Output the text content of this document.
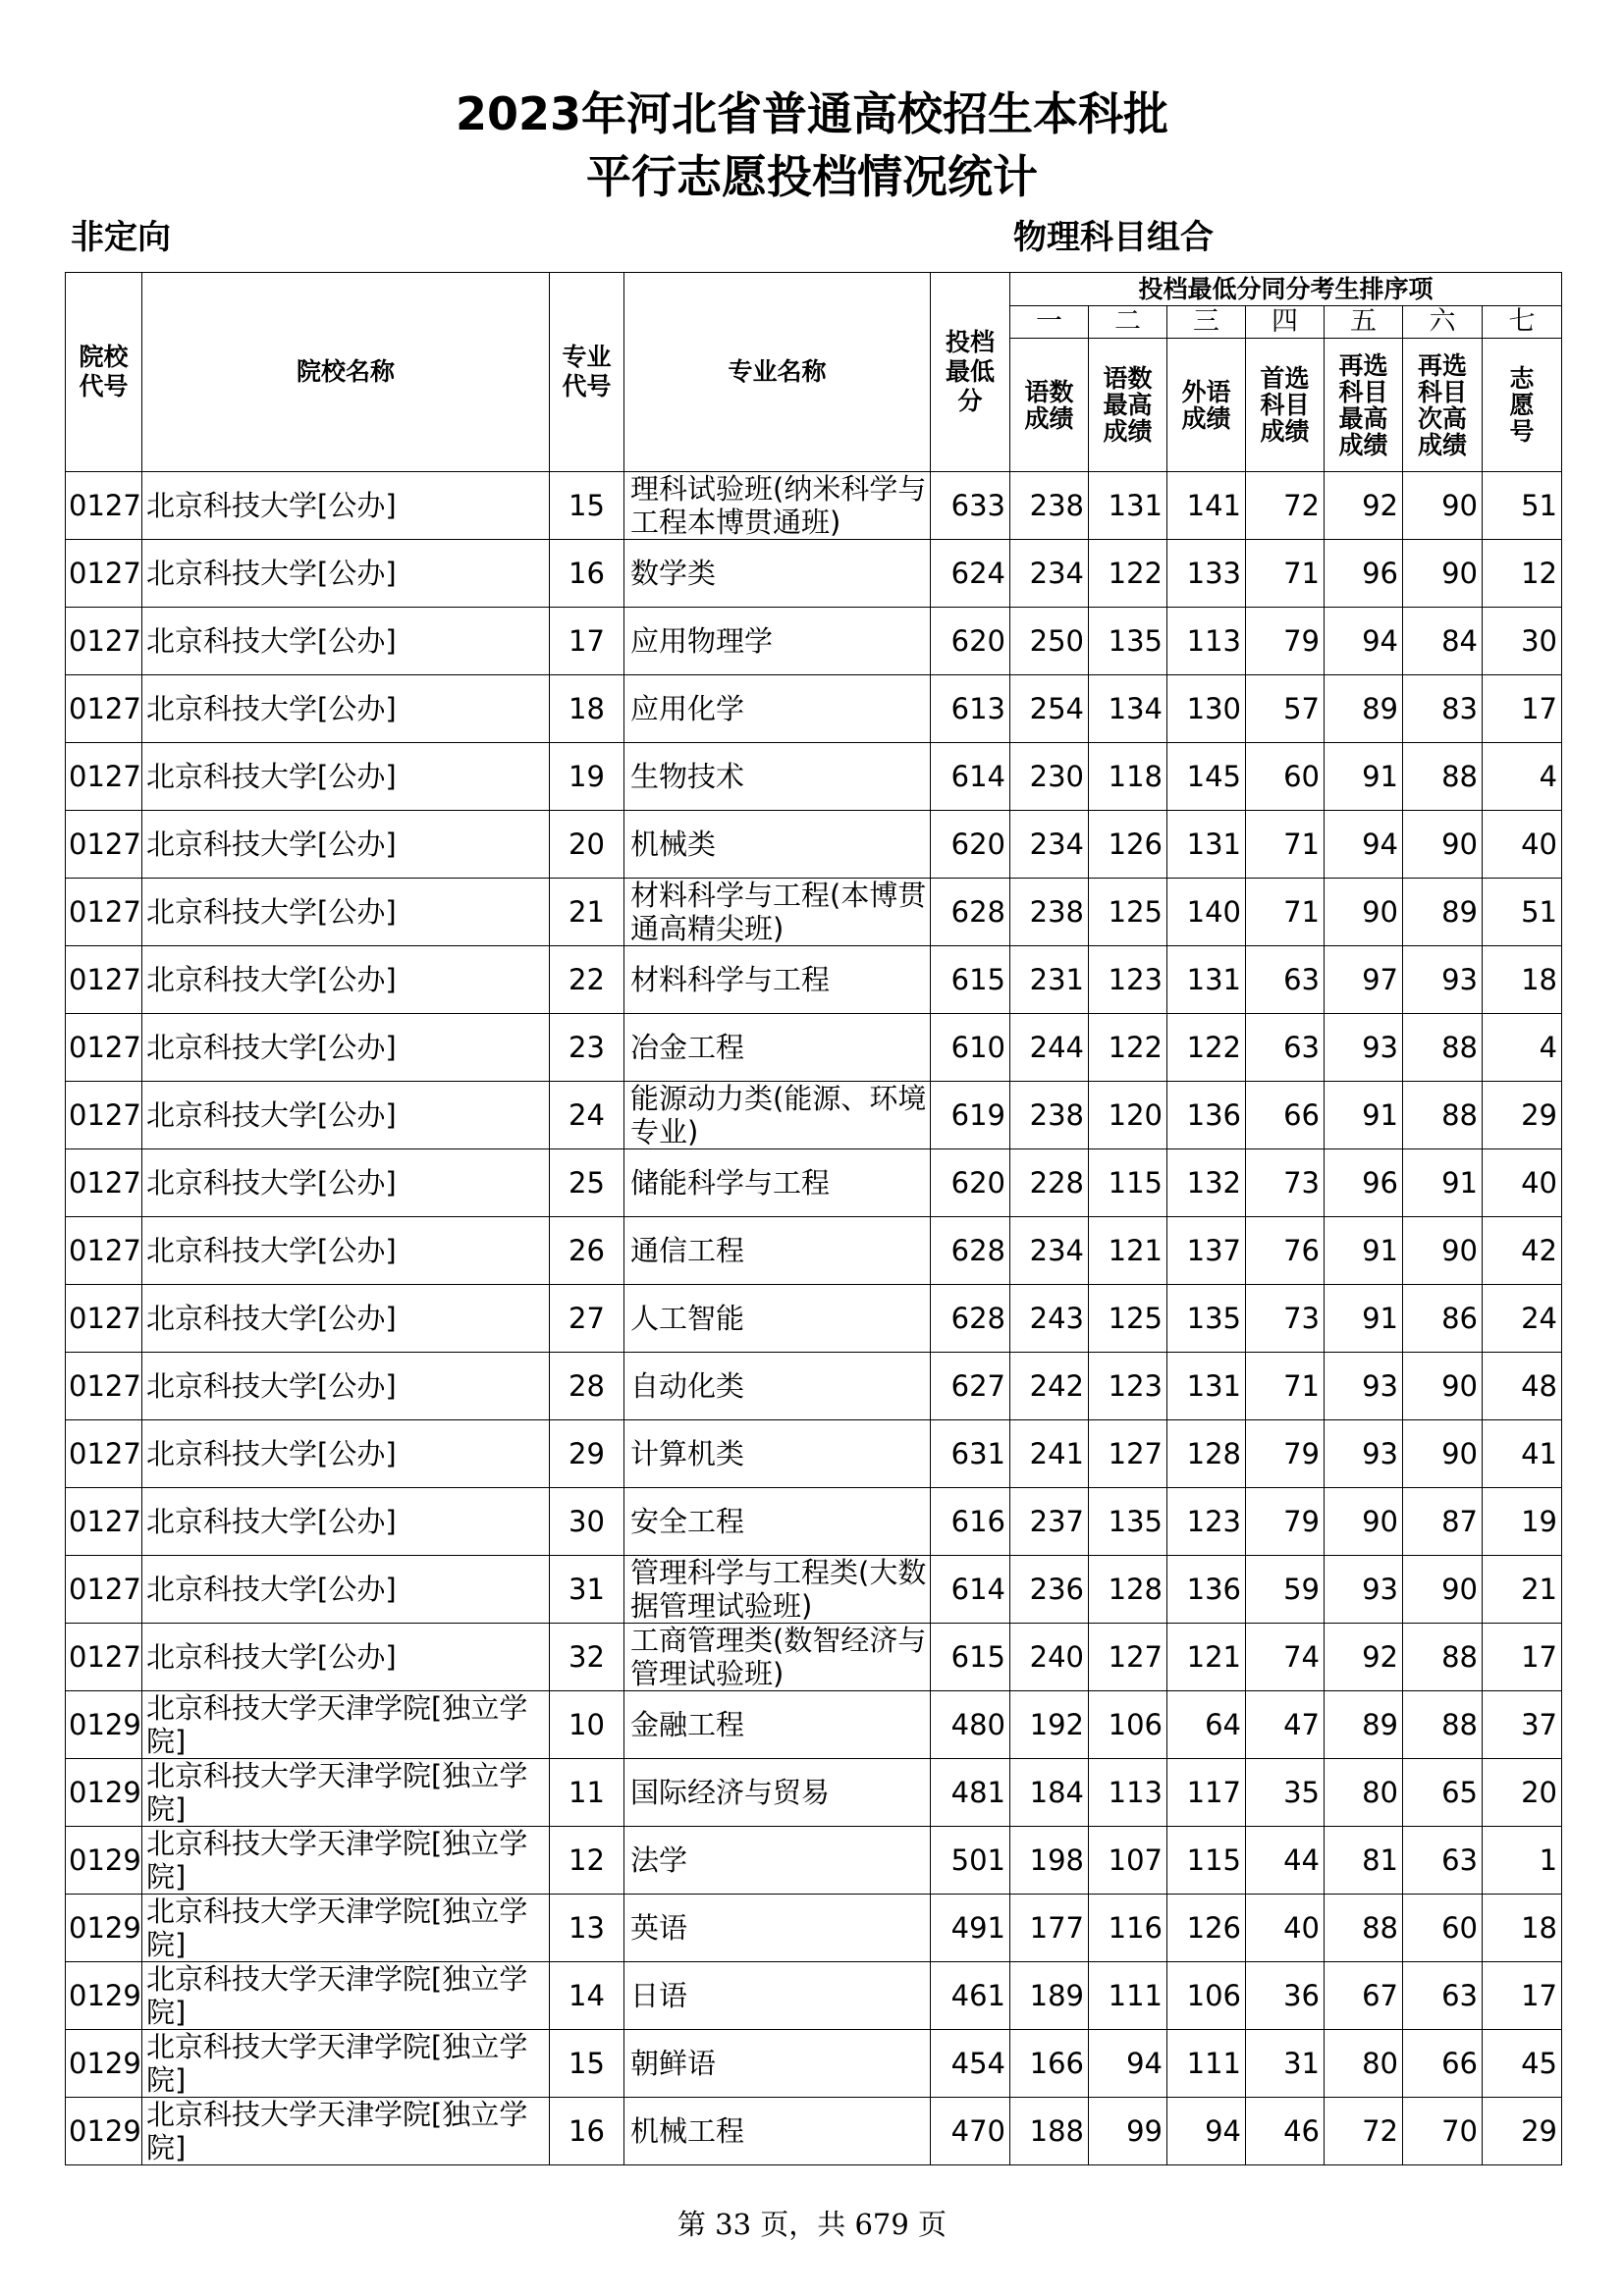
2023年河北省普通高校招生本科批
平行志愿投档情况统计
非定向	物理科目组合
院校代号	院校名称	专业代号	专业名称	投档最低分	投档最低分同分考生排序项						
					一	二	三	四	五	六	七

					语数成绩	语数最高成绩	外语成绩	首选科目成绩	再选科目最高成绩	再选科目次高成绩	志愿号

0127	北京科技大学[公办]	15	理科试验班(纳米科学与工程本博贯通班)	633	238	131	141	72	92	90	51
0127	北京科技大学[公办]	16	数学类	624	234	122	133	71	96	90	12
0127	北京科技大学[公办]	17	应用物理学	620	250	135	113	79	94	84	30
0127	北京科技大学[公办]	18	应用化学	613	254	134	130	57	89	83	17
0127	北京科技大学[公办]	19	生物技术	614	230	118	145	60	91	88	4
0127	北京科技大学[公办]	20	机械类	620	234	126	131	71	94	90	40
0127	北京科技大学[公办]	21	材料科学与工程(本博贯通高精尖班)	628	238	125	140	71	90	89	51
0127	北京科技大学[公办]	22	材料科学与工程	615	231	123	131	63	97	93	18
0127	北京科技大学[公办]	23	冶金工程	610	244	122	122	63	93	88	4
0127	北京科技大学[公办]	24	能源动力类(能源、环境专业)	619	238	120	136	66	91	88	29
0127	北京科技大学[公办]	25	储能科学与工程	620	228	115	132	73	96	91	40
0127	北京科技大学[公办]	26	通信工程	628	234	121	137	76	91	90	42
0127	北京科技大学[公办]	27	人工智能	628	243	125	135	73	91	86	24
0127	北京科技大学[公办]	28	自动化类	627	242	123	131	71	93	90	48
0127	北京科技大学[公办]	29	计算机类	631	241	127	128	79	93	90	41
0127	北京科技大学[公办]	30	安全工程	616	237	135	123	79	90	87	19
0127	北京科技大学[公办]	31	管理科学与工程类(大数据管理试验班)	614	236	128	136	59	93	90	21
0127	北京科技大学[公办]	32	工商管理类(数智经济与管理试验班)	615	240	127	121	74	92	88	17
0129	北京科技大学天津学院[独立学院]	10	金融工程	480	192	106	64	47	89	88	37
0129	北京科技大学天津学院[独立学院]	11	国际经济与贸易	481	184	113	117	35	80	65	20
0129	北京科技大学天津学院[独立学院]	12	法学	501	198	107	115	44	81	63	1
0129	北京科技大学天津学院[独立学院]	13	英语	491	177	116	126	40	88	60	18
0129	北京科技大学天津学院[独立学院]	14	日语	461	189	111	106	36	67	63	17
0129	北京科技大学天津学院[独立学院]	15	朝鲜语	454	166	94	111	31	80	66	45
0129	北京科技大学天津学院[独立学院]	16	机械工程	470	188	99	94	46	72	70	29
第 33 页，共 679 页
